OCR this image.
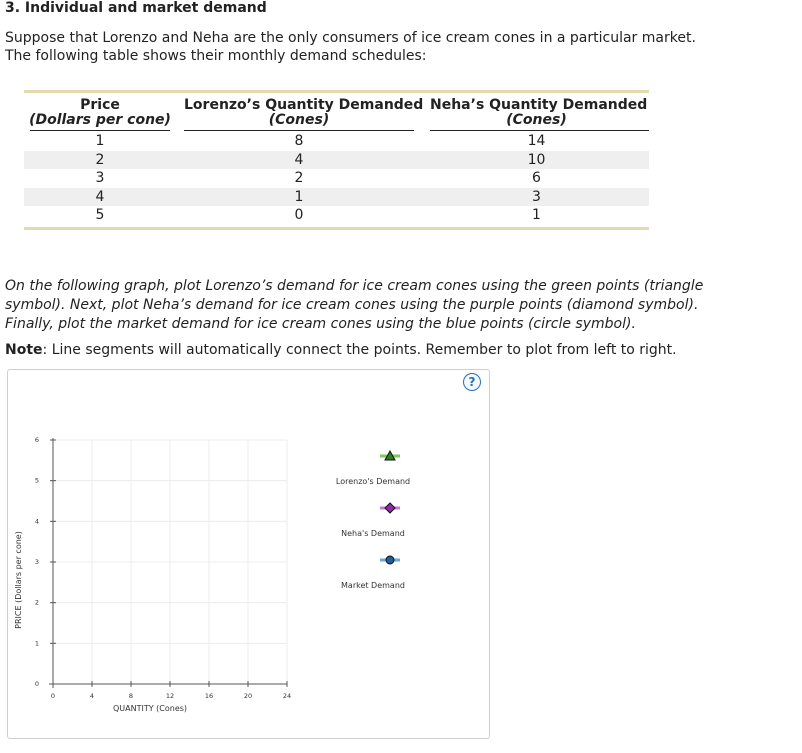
3. Individual and market demand
Suppose that Lorenzo and Neha are the only consumers of ice cream cones in a particular market.
The following table shows their monthly demand schedules:
Price
(Dollars per cone)
Lorenzo’s Quantity Demanded
(Cones)
Neha’s Quantity Demanded
(Cones)
1	8	14
2	4	10
3	2	6
4	1	3
5	0	1
On the following graph, plot Lorenzo’s demand for ice cream cones using the green points (triangle
symbol). Next, plot Neha’s demand for ice cream cones using the purple points (diamond symbol).
Finally, plot the market demand for ice cream cones using the blue points (circle symbol).
Note: Line segments will automatically connect the points. Remember to plot from left to right.
?
0	4	8	12	16	20	24
0
1
2
3
4
5
6
QUANTITY (Cones)
PRICE (Dollars per cone)
Lorenzo's Demand
Neha's Demand
Market Demand
